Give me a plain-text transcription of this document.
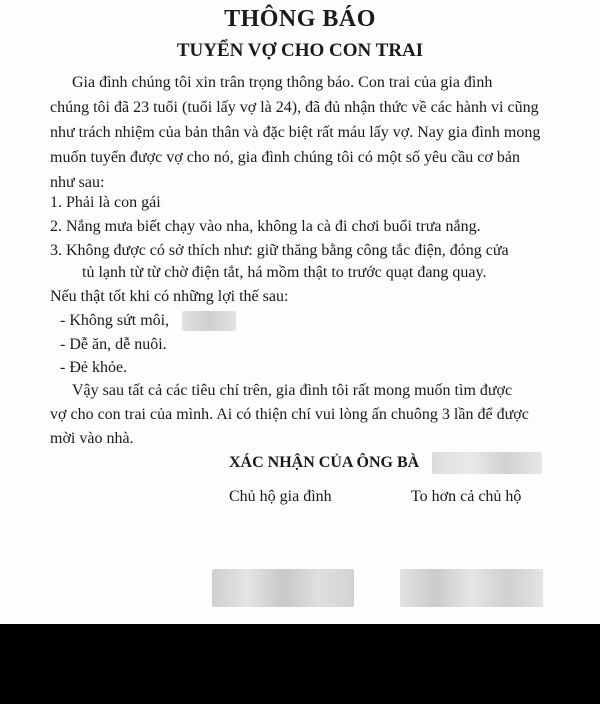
THÔNG BÁO
TUYỂN VỢ CHO CON TRAI
Gia đình chúng tôi xin trân trọng thông báo. Con trai của gia đình
chúng tôi đã 23 tuổi (tuổi lấy vợ là 24), đã đủ nhận thức về các hành vi cũng
như trách nhiệm của bản thân và đặc biệt rất máu lấy vợ. Nay gia đình mong
muốn tuyển được vợ cho nó, gia đình chúng tôi có một số yêu cầu cơ bản
như sau:
1. Phải là con gái
2. Nắng mưa biết chạy vào nha, không la cà đi chơi buổi trưa nắng.
3. Không được có sở thích như: giữ thăng bằng công tắc điện, đóng cửa
tủ lạnh từ từ chờ điện tắt, há mồm thật to trước quạt đang quay.
Nếu thật tốt khi có những lợi thế sau:
- Không sứt môi,
- Dễ ăn, dễ nuôi.
- Đẻ khỏe.
Vậy sau tất cả các tiêu chí trên, gia đình tôi rất mong muốn tìm được
vợ cho con trai của mình. Ai có thiện chí vui lòng ấn chuông 3 lần để được
mời vào nhà.
XÁC NHẬN CỦA ÔNG BÀ
Chủ hộ gia đình	To hơn cả chủ hộ
